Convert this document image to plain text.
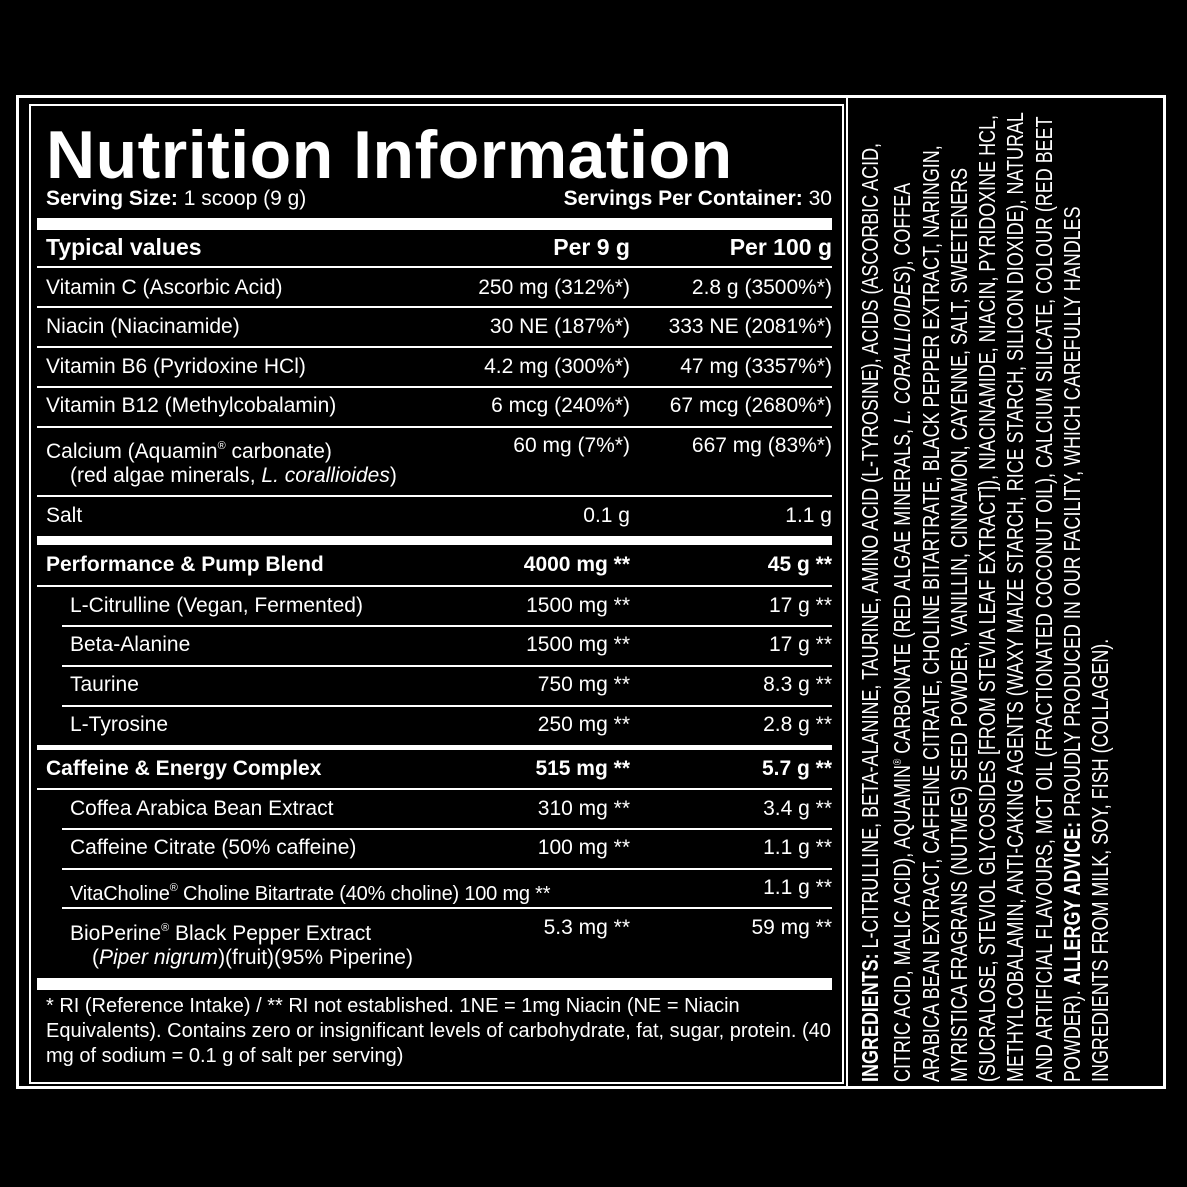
Nutrition Information
Serving Size: 1 scoop (9 g)	Servings Per Container: 30
Typical values	Per 9 g	Per 100 g
Vitamin C (Ascorbic Acid)	250 mg (312%*)	2.8 g (3500%*)
Niacin (Niacinamide)	30 NE (187%*) 333 NE (2081%*)
Vitamin B6 (Pyridoxine HCl)	4.2 mg (300%*) 47 mg (3357%*)
Vitamin B12 (Methylcobalamin)	6 mcg (240%*) 67 mcg (2680%*)
Calcium (Aquamin® carbonate)
(red algae minerals, L. corallioides)
60 mg (7%*)	667 mg (83%*)
Salt	0.1 g	1.1 g
Performance & Pump Blend	4000 mg **	45 g **
L-Citrulline (Vegan, Fermented)	1500 mg **	17 g **
Beta-Alanine	1500 mg **	17 g **
Taurine	750 mg **	8.3 g **
L-Tyrosine	250 mg **	2.8 g **
Caffeine & Energy Complex	515 mg **	5.7 g **
Coffea Arabica Bean Extract	310 mg **	3.4 g **
Caffeine Citrate (50% caffeine)	100 mg **	1.1 g **
VitaCholine® Choline Bitartrate (40% choline) 100 mg **	1.1 g **
BioPerine® Black Pepper Extract
(Piper nigrum)(fruit)(95% Piperine)
5.3 mg **	59 mg **
* RI (Reference Intake) / ** RI not established. 1NE = 1mg Niacin (NE = Niacin Equivalents). Contains zero or insignificant levels of carbohydrate, fat, sugar, protein. (40 mg of sodium = 0.1 g of salt per serving)	INGREDIENTS: L-CITRULLINE, BETA-ALANINE, TAURINE, AMINO ACID (L-TYROSINE), ACIDS (ASCORBIC ACID, CITRIC ACID, MALIC ACID), AQUAMIN® CARBONATE (RED ALGAE MINERALS, L. CORALLIOIDES), COFFEA ARABICA BEAN EXTRACT, CAFFEINE CITRATE, CHOLINE BITARTRATE, BLACK PEPPER EXTRACT, NARINGIN, MYRISTICA FRAGRANS (NUTMEG) SEED POWDER, VANILLIN, CINNAMON, CAYENNE, SALT, SWEETENERS (SUCRALOSE, STEVIOL GLYCOSIDES [FROM STEVIA LEAF EXTRACT]), NIACINAMIDE, NIACIN, PYRIDOXINE HCL, METHYLCOBALAMIN, ANTI-CAKING AGENTS (WAXY MAIZE STARCH, RICE STARCH, SILICON DIOXIDE), NATURAL AND ARTIFICIAL FLAVOURS, MCT OIL (FRACTIONATED COCONUT OIL), CALCIUM SILICATE, COLOUR (RED BEET POWDER). ALLERGY ADVICE: PROUDLY PRODUCED IN OUR FACILITY, WHICH CAREFULLY HANDLES INGREDIENTS FROM MILK, SOY, FISH (COLLAGEN).
